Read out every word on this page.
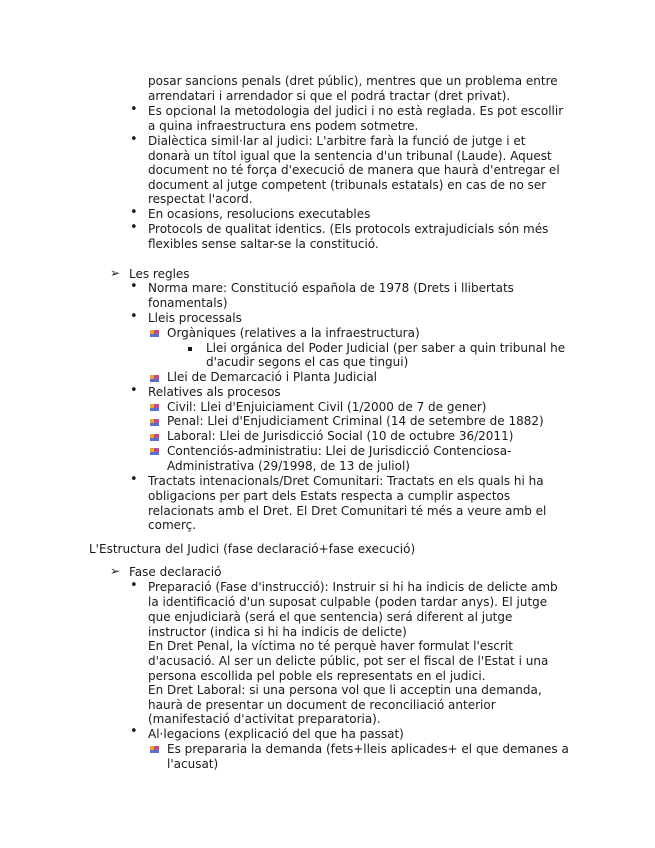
•
•
•
•
➢
•
•
•
•
➢
•
•
posar sancions penals (dret públic), mentres que un problema entre
arrendatari i arrendador si que el podrá tractar (dret privat).
Es opcional la metodologia del judici i no està reglada. Es pot escollir
a quina infraestructura ens podem sotmetre.
Dialèctica simil·lar al judici: L'arbitre farà la funció de jutge i et
donarà un títol igual que la sentencia d'un tribunal (Laude). Aquest
document no té força d'execució de manera que haurà d'entregar el
document al jutge competent (tribunals estatals) en cas de no ser
respectat l'acord.
En ocasions, resolucions executables
Protocols de qualitat identics. (Els protocols extrajudicials són més
flexibles sense saltar-se la constitució.
Les regles
Norma mare: Constitució española de 1978 (Drets i llibertats
fonamentals)
Lleis processals
Orgàniques (relatives a la infraestructura)
Llei orgánica del Poder Judicial (per saber a quin tribunal he
d'acudir segons el cas que tingui)
Llei de Demarcació i Planta Judicial
Relatives als procesos
Civil: Llei d'Enjuiciament Civil (1/2000 de 7 de gener)
Penal: Llei d'Enjudiciament Criminal (14 de setembre de 1882)
Laboral: Llei de Jurisdicció Social (10 de octubre 36/2011)
Contenciós-administratiu: Llei de Jurisdicció Contenciosa-
Administrativa (29/1998, de 13 de juliol)
Tractats intenacionals/Dret Comunitari: Tractats en els quals hi ha
obligacions per part dels Estats respecta a cumplir aspectos
relacionats amb el Dret. El Dret Comunitari té més a veure amb el
comerç.
L'Estructura del Judici (fase declaració+fase execució)
Fase declaració
Preparació (Fase d'instrucció): Instruir si hi ha indicis de delicte amb
la identificació d'un suposat culpable (poden tardar anys). El jutge
que enjudiciarà (será el que sentencia) será diferent al jutge
instructor (indica si hi ha indicis de delicte)
En Dret Penal, la víctima no té perquè haver formulat l'escrit
d'acusació. Al ser un delicte públic, pot ser el fiscal de l'Estat i una
persona escollida pel poble els representats en el judici.
En Dret Laboral: si una persona vol que li acceptin una demanda,
haurà de presentar un document de reconciliació anterior
(manifestació d'activitat preparatoria).
Al·legacions (explicació del que ha passat)
Es prepararia la demanda (fets+lleis aplicades+ el que demanes a
l'acusat)
